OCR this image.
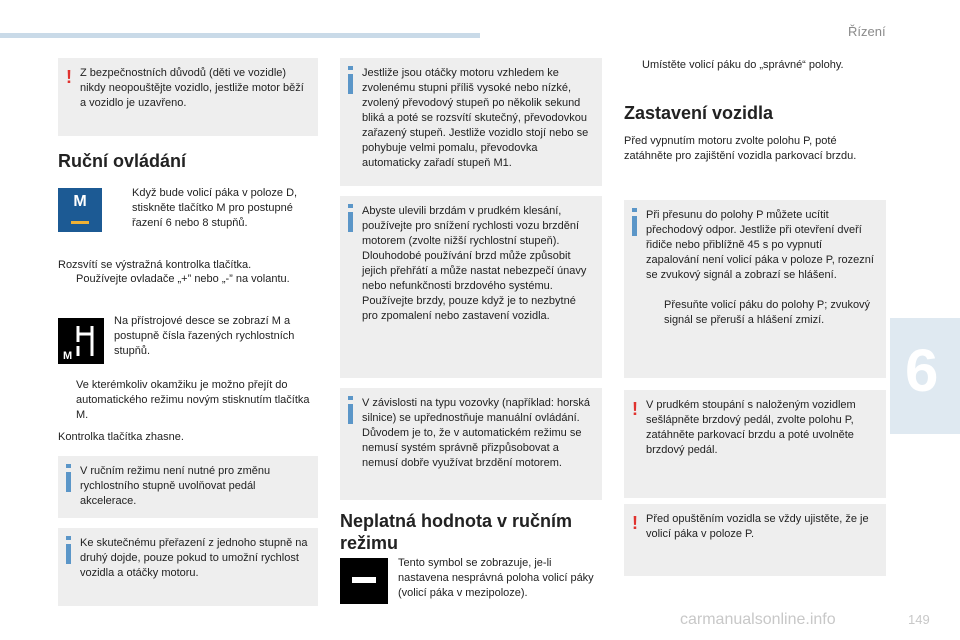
Řízení
6
! Z bezpečnostních důvodů (děti ve vozidle) nikdy neopouštějte vozidlo, jestliže motor běží a vozidlo je uzavřeno.
Ruční ovládání
M	Když bude volicí páka v poloze D, stiskněte tlačítko M pro postupné řazení 6 nebo 8 stupňů.
Rozsvítí se výstražná kontrolka tlačítka.
Používejte ovladače „+” nebo „-” na volantu.
M
Na přístrojové desce se zobrazí M a postupně čísla řazených rychlostních stupňů.
Ve kterémkoliv okamžiku je možno přejít do automatického režimu novým stisknutím tlačítka M.
Kontrolka tlačítka zhasne.
V ručním režimu není nutné pro změnu rychlostního stupně uvolňovat pedál akcelerace.
Ke skutečnému přeřazení z jednoho stupně na druhý dojde, pouze pokud to umožní rychlost vozidla a otáčky motoru.
Jestliže jsou otáčky motoru vzhledem ke zvolenému stupni příliš vysoké nebo nízké, zvolený převodový stupeň po několik sekund bliká a poté se rozsvítí skutečný, převodovkou zařazený stupeň. Jestliže vozidlo stojí nebo se pohybuje velmi pomalu, převodovka automaticky zařadí stupeň M1.
Abyste ulevili brzdám v prudkém klesání, používejte pro snížení rychlosti vozu brzdění motorem (zvolte nižší rychlostní stupeň). Dlouhodobé používání brzd může způsobit jejich přehřátí a může nastat nebezpečí únavy nebo nefunkčnosti brzdového systému. Používejte brzdy, pouze když je to nezbytné pro zpomalení nebo zastavení vozidla.
V závislosti na typu vozovky (například: horská silnice) se upřednostňuje manuální ovládání. Důvodem je to, že v automatickém režimu se nemusí systém správně přizpůsobovat a nemusí dobře využívat brzdění motorem.
Neplatná hodnota v ručním režimu
Tento symbol se zobrazuje, je-li nastavena nesprávná poloha volicí páky (volicí páka v mezipoloze).
Umístěte volicí páku do „správné“ polohy.
Zastavení vozidla
Před vypnutím motoru zvolte polohu P, poté zatáhněte pro zajištění vozidla parkovací brzdu.
Při přesunu do polohy P můžete ucítit přechodový odpor. Jestliže při otevření dveří řidiče nebo přiblížně 45 s po vypnutí zapalování není volicí páka v poloze P, rozezní se zvukový signál a zobrazí se hlášení.
Přesuňte volicí páku do polohy P; zvukový signál se přeruší a hlášení zmizí.
! V prudkém stoupání s naloženým vozidlem sešlápněte brzdový pedál, zvolte polohu P, zatáhněte parkovací brzdu a poté uvolněte brzdový pedál.
! Před opuštěním vozidla se vždy ujistěte, že je volicí páka v poloze P.
carmanualsonline.info	149
